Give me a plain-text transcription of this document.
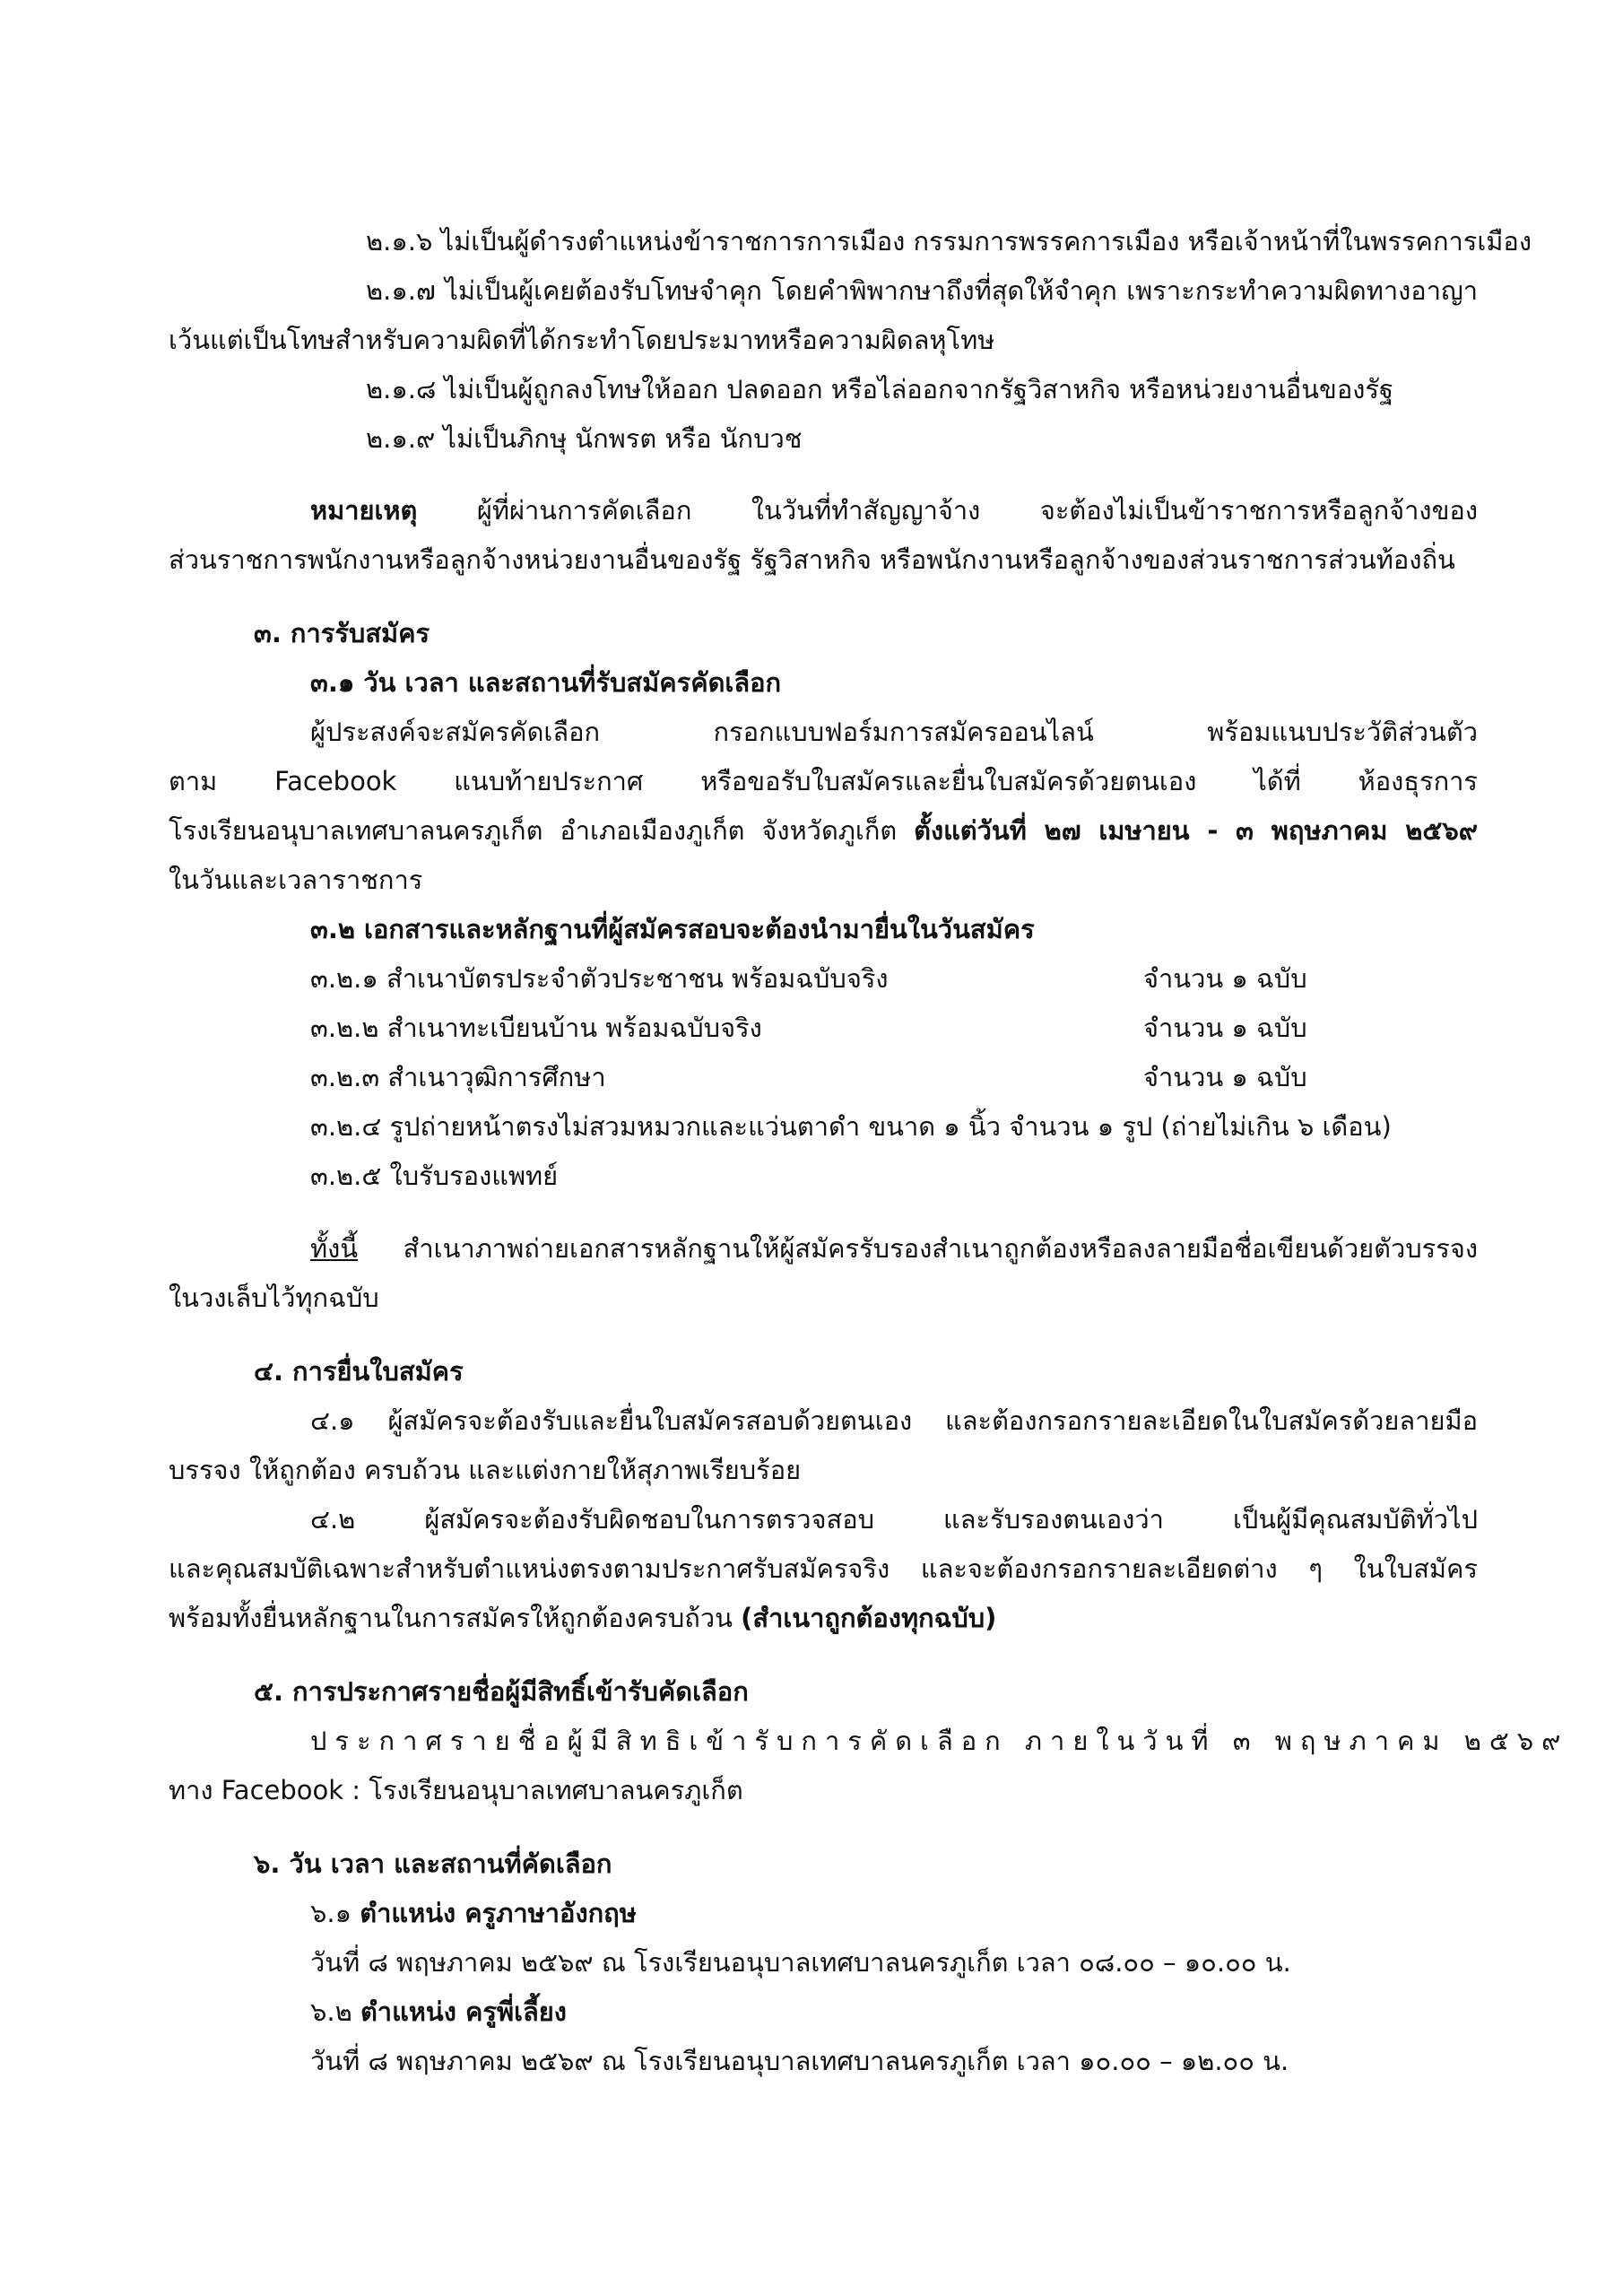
๒.๑.๖ ไม่เป็นผู้ดำรงตำแหน่งข้าราชการการเมือง กรรมการพรรคการเมือง หรือเจ้าหน้าที่ในพรรคการเมือง
๒.๑.๗ ไม่เป็นผู้เคยต้องรับโทษจำคุก โดยคำพิพากษาถึงที่สุดให้จำคุก เพราะกระทำความผิดทางอาญา
เว้นแต่เป็นโทษสำหรับความผิดที่ได้กระทำโดยประมาทหรือความผิดลหุโทษ
๒.๑.๘ ไม่เป็นผู้ถูกลงโทษให้ออก ปลดออก หรือไล่ออกจากรัฐวิสาหกิจ หรือหน่วยงานอื่นของรัฐ
๒.๑.๙ ไม่เป็นภิกษุ นักพรต หรือ นักบวช
หมายเหตุ ผู้ที่ผ่านการคัดเลือก ในวันที่ทำสัญญาจ้าง จะต้องไม่เป็นข้าราชการหรือลูกจ้างของ
ส่วนราชการพนักงานหรือลูกจ้างหน่วยงานอื่นของรัฐ รัฐวิสาหกิจ หรือพนักงานหรือลูกจ้างของส่วนราชการส่วนท้องถิ่น
๓. การรับสมัคร
๓.๑ วัน เวลา และสถานที่รับสมัครคัดเลือก
ผู้ประสงค์จะสมัครคัดเลือก กรอกแบบฟอร์มการสมัครออนไลน์ พร้อมแนบประวัติส่วนตัว
ตาม Facebook แนบท้ายประกาศ หรือขอรับใบสมัครและยื่นใบสมัครด้วยตนเอง ได้ที่ ห้องธุรการ
โรงเรียนอนุบาลเทศบาลนครภูเก็ต อำเภอเมืองภูเก็ต จังหวัดภูเก็ต ตั้งแต่วันที่ ๒๗ เมษายน - ๓ พฤษภาคม ๒๕๖๙
ในวันและเวลาราชการ
๓.๒ เอกสารและหลักฐานที่ผู้สมัครสอบจะต้องนำมายื่นในวันสมัคร
๓.๒.๑ สำเนาบัตรประจำตัวประชาชน พร้อมฉบับจริง	จำนวน ๑ ฉบับ
๓.๒.๒ สำเนาทะเบียนบ้าน พร้อมฉบับจริง	จำนวน ๑ ฉบับ
๓.๒.๓ สำเนาวุฒิการศึกษา	จำนวน ๑ ฉบับ
๓.๒.๔ รูปถ่ายหน้าตรงไม่สวมหมวกและแว่นตาดำ ขนาด ๑ นิ้ว จำนวน ๑ รูป (ถ่ายไม่เกิน ๖ เดือน)
๓.๒.๕ ใบรับรองแพทย์
ทั้งนี้ สำเนาภาพถ่ายเอกสารหลักฐานให้ผู้สมัครรับรองสำเนาถูกต้องหรือลงลายมือชื่อเขียนด้วยตัวบรรจง
ในวงเล็บไว้ทุกฉบับ
๔. การยื่นใบสมัคร
๔.๑ ผู้สมัครจะต้องรับและยื่นใบสมัครสอบด้วยตนเอง และต้องกรอกรายละเอียดในใบสมัครด้วยลายมือ
บรรจง ให้ถูกต้อง ครบถ้วน และแต่งกายให้สุภาพเรียบร้อย
๔.๒ ผู้สมัครจะต้องรับผิดชอบในการตรวจสอบ และรับรองตนเองว่า เป็นผู้มีคุณสมบัติทั่วไป
และคุณสมบัติเฉพาะสำหรับตำแหน่งตรงตามประกาศรับสมัครจริง และจะต้องกรอกรายละเอียดต่าง ๆ ในใบสมัคร
พร้อมทั้งยื่นหลักฐานในการสมัครให้ถูกต้องครบถ้วน (สำเนาถูกต้องทุกฉบับ)
๕. การประกาศรายชื่อผู้มีสิทธิ์เข้ารับคัดเลือก
ประกาศรายชื่อผู้มีสิทธิเข้ารับการคัดเลือก ภายในวันที่ ๓ พฤษภาคม ๒๕๖๙
ทาง Facebook : โรงเรียนอนุบาลเทศบาลนครภูเก็ต
๖. วัน เวลา และสถานที่คัดเลือก
๖.๑ ตำแหน่ง ครูภาษาอังกฤษ
วันที่ ๘ พฤษภาคม ๒๕๖๙ ณ โรงเรียนอนุบาลเทศบาลนครภูเก็ต เวลา ๐๘.๐๐ – ๑๐.๐๐ น.
๖.๒ ตำแหน่ง ครูพี่เลี้ยง
วันที่ ๘ พฤษภาคม ๒๕๖๙ ณ โรงเรียนอนุบาลเทศบาลนครภูเก็ต เวลา ๑๐.๐๐ – ๑๒.๐๐ น.
